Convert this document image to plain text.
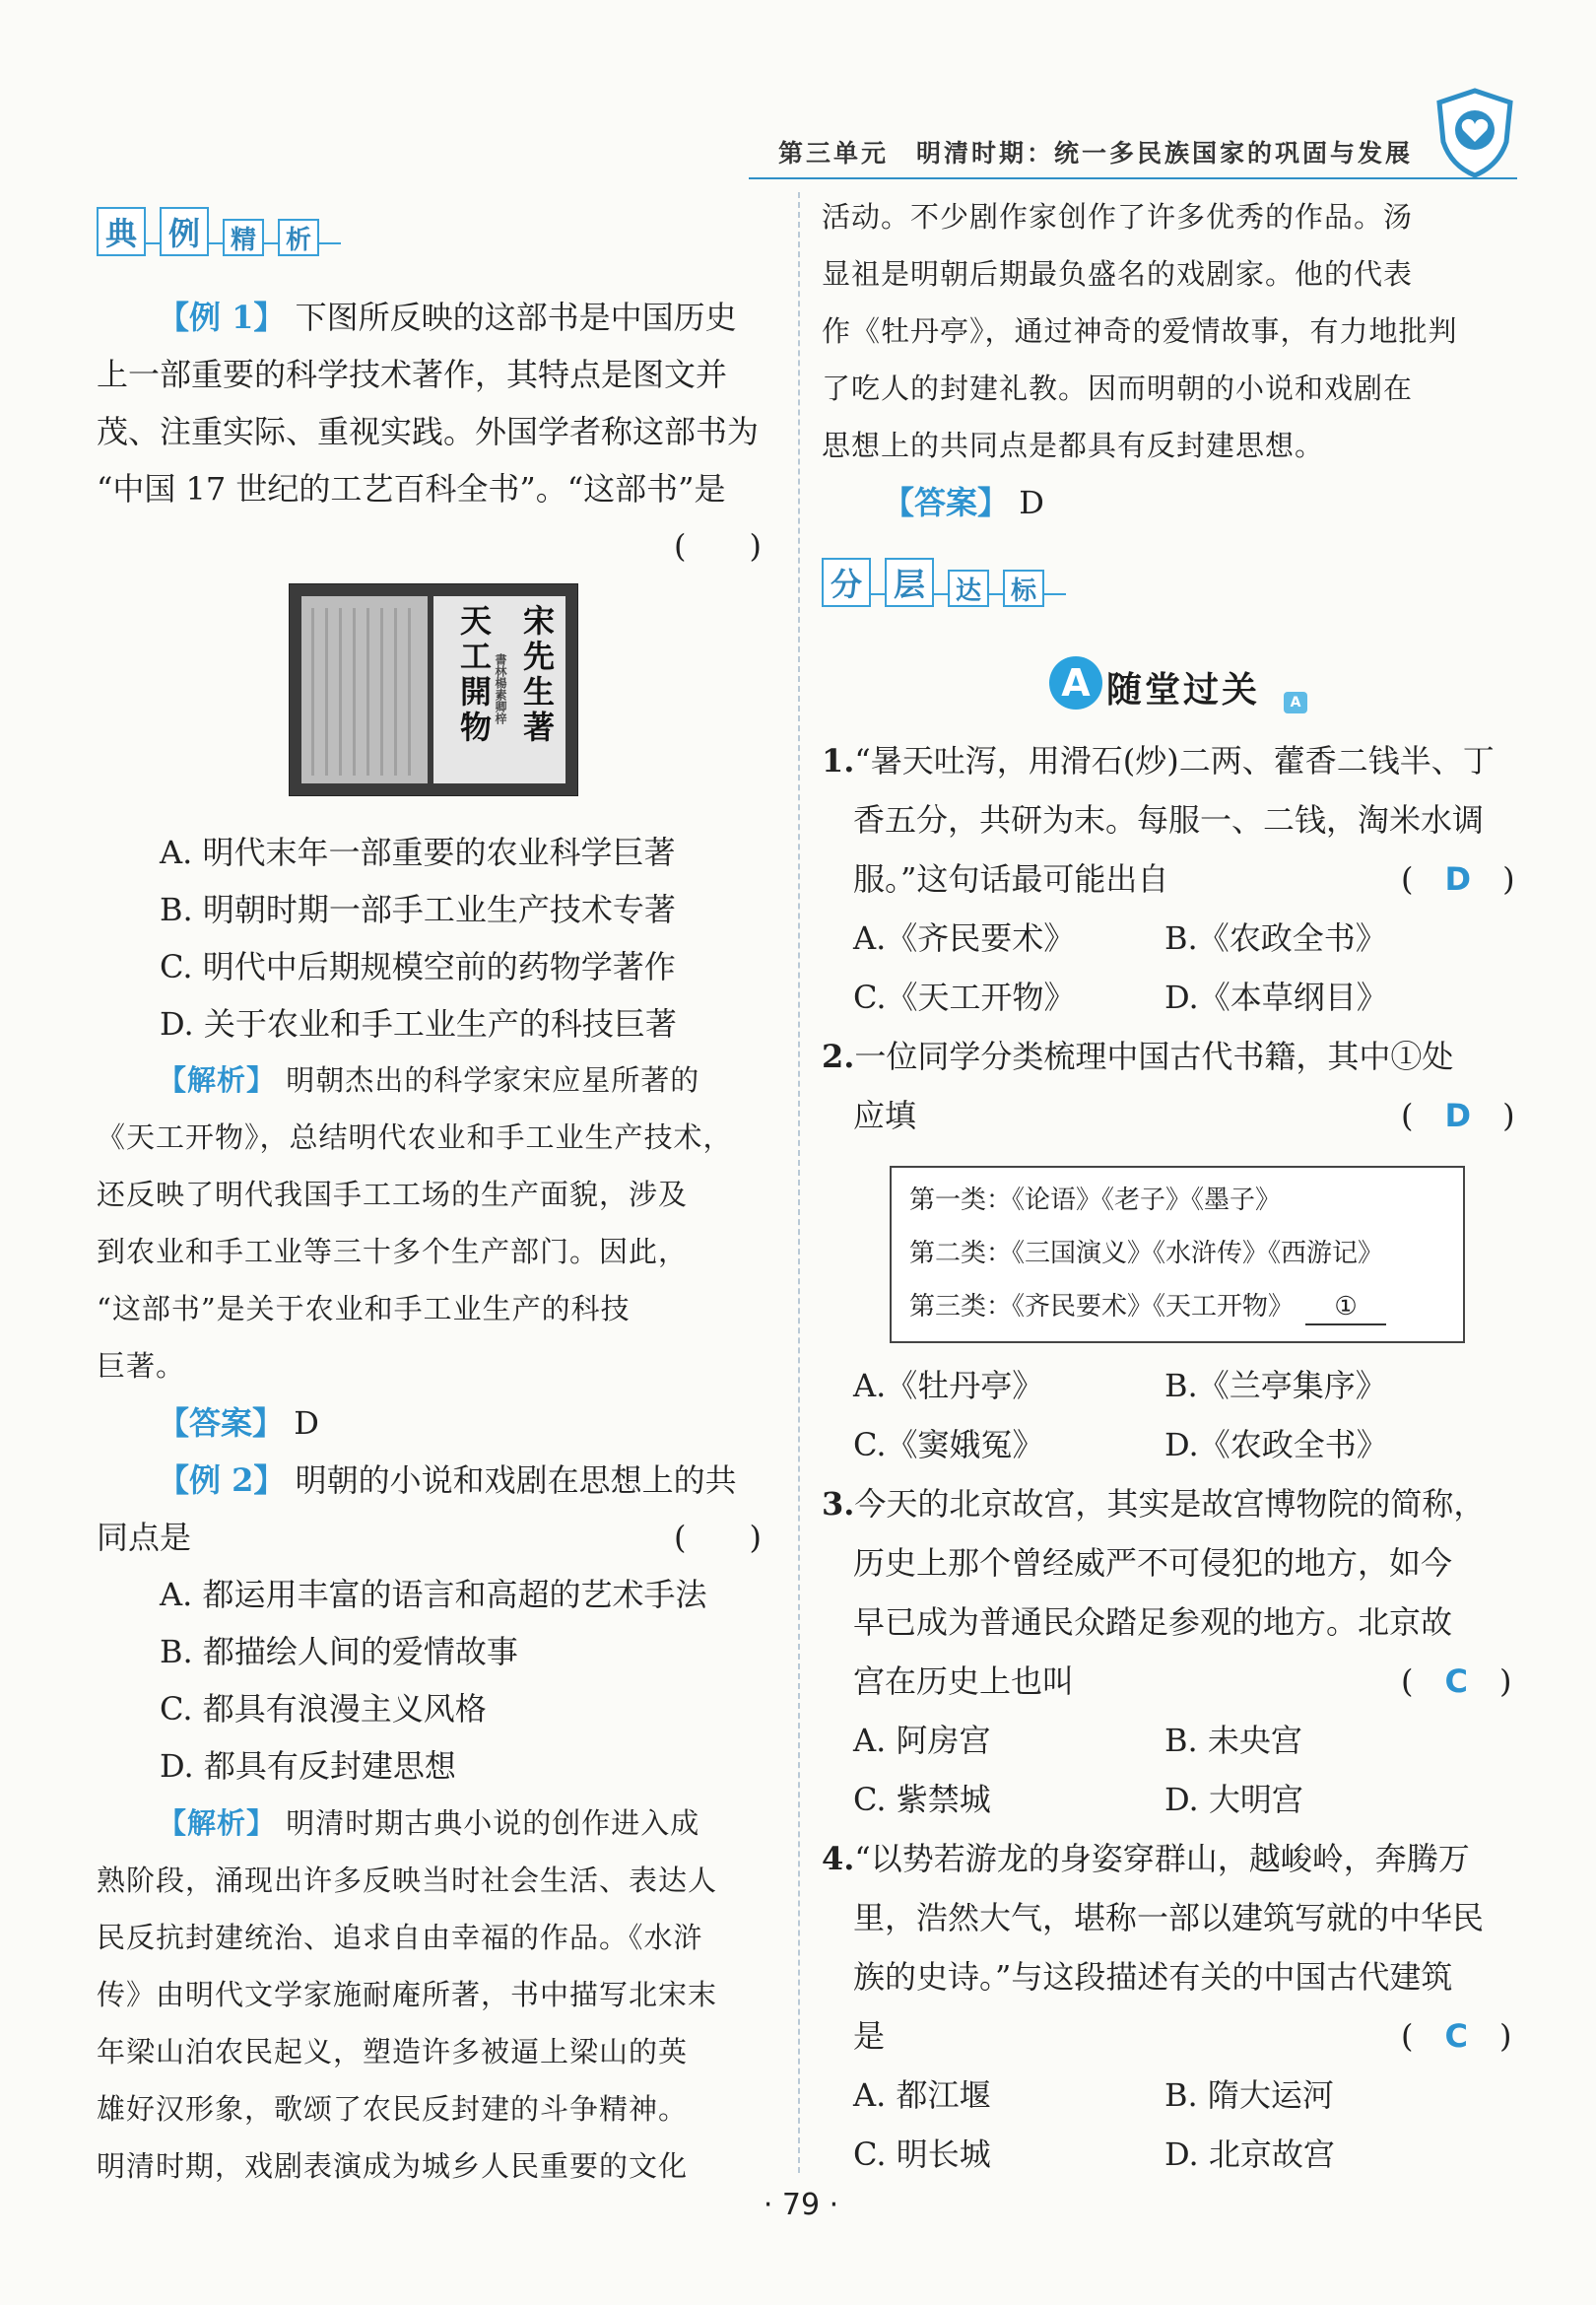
第三单元　明清时期：统一多民族国家的巩固与发展
典 例	精	析
【例 1】 下图所反映的这部书是中国历史
上一部重要的科学技术著作，其特点是图文并
茂、注重实际、重视实践。外国学者称这部书为
“中国 17 世纪的工艺百科全书”。“这部书”是
(　　)
宋先生著
天工開物 書林楊素卿梓
A. 明代末年一部重要的农业科学巨著
B. 明朝时期一部手工业生产技术专著
C. 明代中后期规模空前的药物学著作
D. 关于农业和手工业生产的科技巨著
【解析】 明朝杰出的科学家宋应星所著的
《天工开物》，总结明代农业和手工业生产技术，
还反映了明代我国手工工场的生产面貌，涉及
到农业和手工业等三十多个生产部门。因此，
“这部书”是关于农业和手工业生产的科技
巨著。
【答案】 D
【例 2】 明朝的小说和戏剧在思想上的共
同点是	(　　)
A. 都运用丰富的语言和高超的艺术手法
B. 都描绘人间的爱情故事
C. 都具有浪漫主义风格
D. 都具有反封建思想
【解析】 明清时期古典小说的创作进入成
熟阶段，涌现出许多反映当时社会生活、表达人
民反抗封建统治、追求自由幸福的作品。《水浒
传》由明代文学家施耐庵所著，书中描写北宋末
年梁山泊农民起义，塑造许多被逼上梁山的英
雄好汉形象，歌颂了农民反封建的斗争精神。
明清时期，戏剧表演成为城乡人民重要的文化
活动。不少剧作家创作了许多优秀的作品。汤
显祖是明朝后期最负盛名的戏剧家。他的代表
作《牡丹亭》，通过神奇的爱情故事，有力地批判
了吃人的封建礼教。因而明朝的小说和戏剧在
思想上的共同点是都具有反封建思想。
【答案】 D
分 层	达	标
A 随堂过关	A
1.“暑天吐泻，用滑石(炒)二两、藿香二钱半、丁
香五分，共研为末。每服一、二钱，淘米水调
服。”这句话最可能出自	(　D　)
A.《齐民要术》	B.《农政全书》
C.《天工开物》	D.《本草纲目》
2.一位同学分类梳理中国古代书籍，其中①处
应填	(　D　)
第一类：《论语》《老子》《墨子》
第二类：《三国演义》《水浒传》《西游记》
第三类：《齐民要术》《天工开物》 ①
A.《牡丹亭》	B.《兰亭集序》
C.《窦娥冤》	D.《农政全书》
3.今天的北京故宫，其实是故宫博物院的简称，
历史上那个曾经威严不可侵犯的地方，如今
早已成为普通民众踏足参观的地方。北京故
宫在历史上也叫	(　C　)
A. 阿房宫	B. 未央宫
C. 紫禁城	D. 大明宫
4.“以势若游龙的身姿穿群山，越峻岭，奔腾万
里，浩然大气，堪称一部以建筑写就的中华民
族的史诗。”与这段描述有关的中国古代建筑
是	(　C　)
A. 都江堰	B. 隋大运河
C. 明长城	D. 北京故宫
· 79 ·
